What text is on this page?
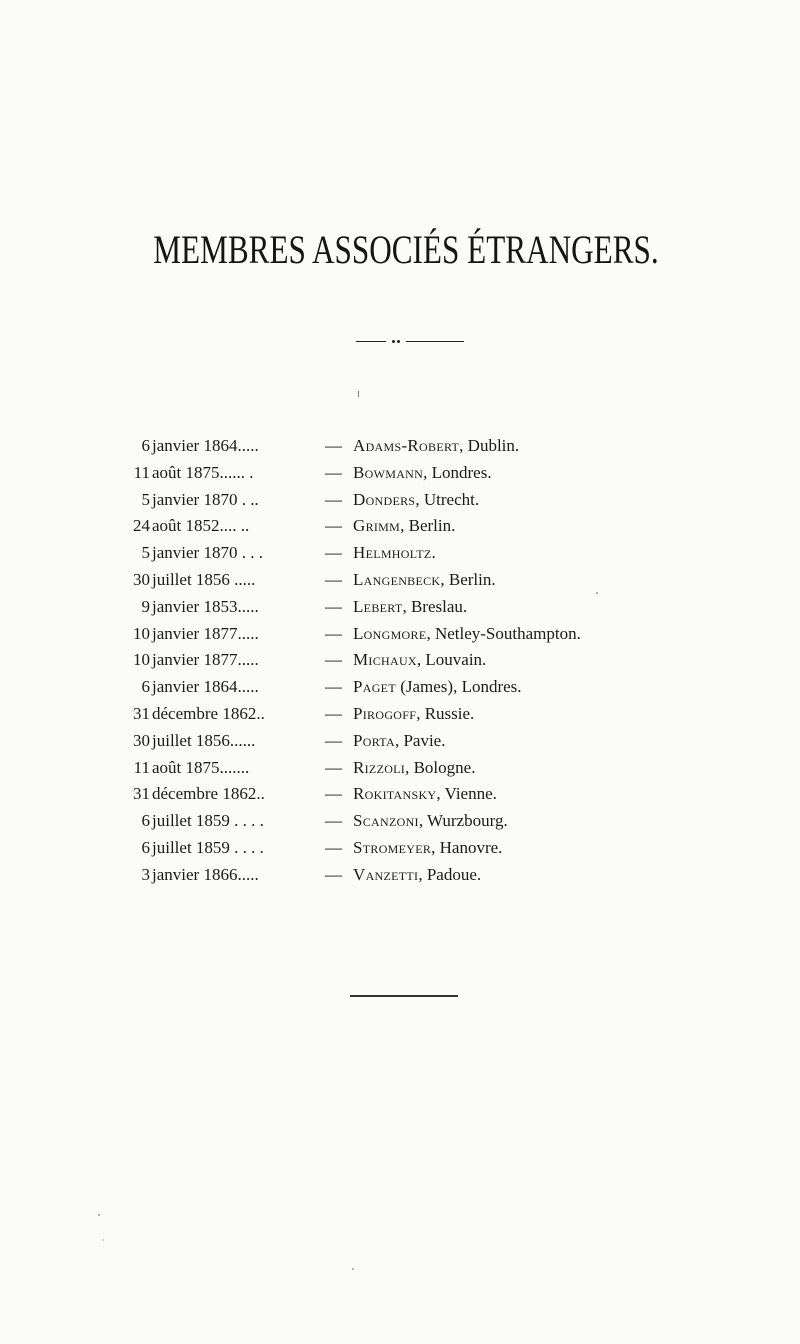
MEMBRES ASSOCIÉS ÉTRANGERS.
6 janvier 1864.....	— Adams-Robert, Dublin.
11 août 1875...... .	— Bowmann, Londres.
5 janvier 1870 . ..	— Donders, Utrecht.
24 août 1852.... ..	— Grimm, Berlin.
5 janvier 1870 . . .	— Helmholtz.
30 juillet 1856 .....	— Langenbeck, Berlin.
9 janvier 1853.....	— Lebert, Breslau.
10 janvier 1877.....	— Longmore, Netley-Southampton.
10 janvier 1877.....	— Michaux, Louvain.
6 janvier 1864.....	— Paget (James), Londres.
31 décembre 1862..	— Pirogoff, Russie.
30 juillet 1856......	— Porta, Pavie.
11 août 1875.......	— Rizzoli, Bologne.
31 décembre 1862..	— Rokitansky, Vienne.
6 juillet 1859 . . . .	— Scanzoni, Wurzbourg.
6 juillet 1859 . . . .	— Stromeyer, Hanovre.
3 janvier 1866.....	— Vanzetti, Padoue.
